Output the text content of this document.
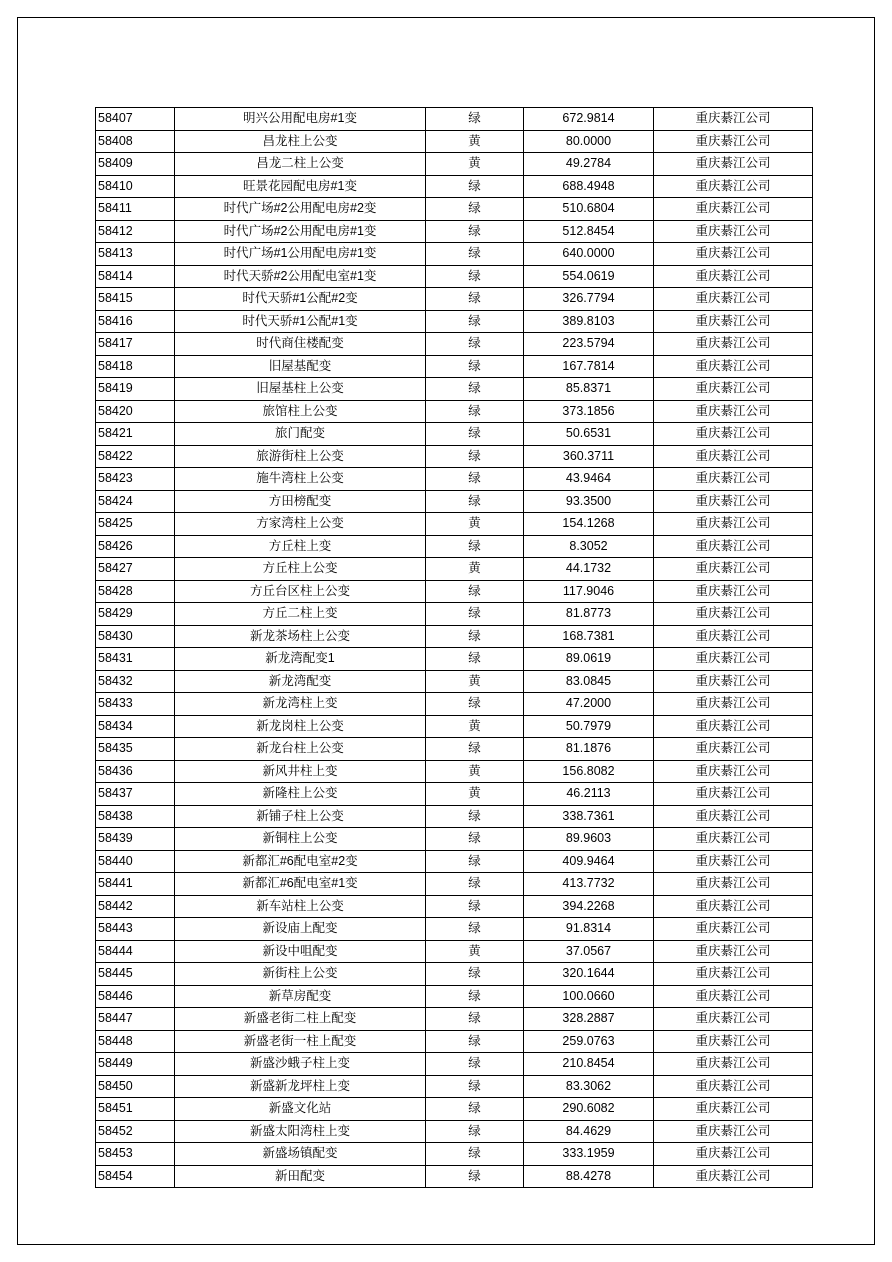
58407	明兴公用配电房#1变	绿	672.9814	重庆綦江公司
58408	昌龙柱上公变	黄	80.0000	重庆綦江公司
58409	昌龙二柱上公变	黄	49.2784	重庆綦江公司
58410	旺景花园配电房#1变	绿	688.4948	重庆綦江公司
58411	时代广场#2公用配电房#2变	绿	510.6804	重庆綦江公司
58412	时代广场#2公用配电房#1变	绿	512.8454	重庆綦江公司
58413	时代广场#1公用配电房#1变	绿	640.0000	重庆綦江公司
58414	时代天骄#2公用配电室#1变	绿	554.0619	重庆綦江公司
58415	时代天骄#1公配#2变	绿	326.7794	重庆綦江公司
58416	时代天骄#1公配#1变	绿	389.8103	重庆綦江公司
58417	时代商住楼配变	绿	223.5794	重庆綦江公司
58418	旧屋基配变	绿	167.7814	重庆綦江公司
58419	旧屋基柱上公变	绿	85.8371	重庆綦江公司
58420	旅馆柱上公变	绿	373.1856	重庆綦江公司
58421	旅门配变	绿	50.6531	重庆綦江公司
58422	旅游街柱上公变	绿	360.3711	重庆綦江公司
58423	施牛湾柱上公变	绿	43.9464	重庆綦江公司
58424	方田榜配变	绿	93.3500	重庆綦江公司
58425	方家湾柱上公变	黄	154.1268	重庆綦江公司
58426	方丘柱上变	绿	8.3052	重庆綦江公司
58427	方丘柱上公变	黄	44.1732	重庆綦江公司
58428	方丘台区柱上公变	绿	117.9046	重庆綦江公司
58429	方丘二柱上变	绿	81.8773	重庆綦江公司
58430	新龙茶场柱上公变	绿	168.7381	重庆綦江公司
58431	新龙湾配变1	绿	89.0619	重庆綦江公司
58432	新龙湾配变	黄	83.0845	重庆綦江公司
58433	新龙湾柱上变	绿	47.2000	重庆綦江公司
58434	新龙岗柱上公变	黄	50.7979	重庆綦江公司
58435	新龙台柱上公变	绿	81.1876	重庆綦江公司
58436	新风井柱上变	黄	156.8082	重庆綦江公司
58437	新隆柱上公变	黄	46.2113	重庆綦江公司
58438	新铺子柱上公变	绿	338.7361	重庆綦江公司
58439	新铜柱上公变	绿	89.9603	重庆綦江公司
58440	新都汇#6配电室#2变	绿	409.9464	重庆綦江公司
58441	新都汇#6配电室#1变	绿	413.7732	重庆綦江公司
58442	新车站柱上公变	绿	394.2268	重庆綦江公司
58443	新设庙上配变	绿	91.8314	重庆綦江公司
58444	新设中咀配变	黄	37.0567	重庆綦江公司
58445	新街柱上公变	绿	320.1644	重庆綦江公司
58446	新草房配变	绿	100.0660	重庆綦江公司
58447	新盛老街二柱上配变	绿	328.2887	重庆綦江公司
58448	新盛老街一柱上配变	绿	259.0763	重庆綦江公司
58449	新盛沙蛾子柱上变	绿	210.8454	重庆綦江公司
58450	新盛新龙坪柱上变	绿	83.3062	重庆綦江公司
58451	新盛文化站	绿	290.6082	重庆綦江公司
58452	新盛太阳湾柱上变	绿	84.4629	重庆綦江公司
58453	新盛场镇配变	绿	333.1959	重庆綦江公司
58454	新田配变	绿	88.4278	重庆綦江公司
